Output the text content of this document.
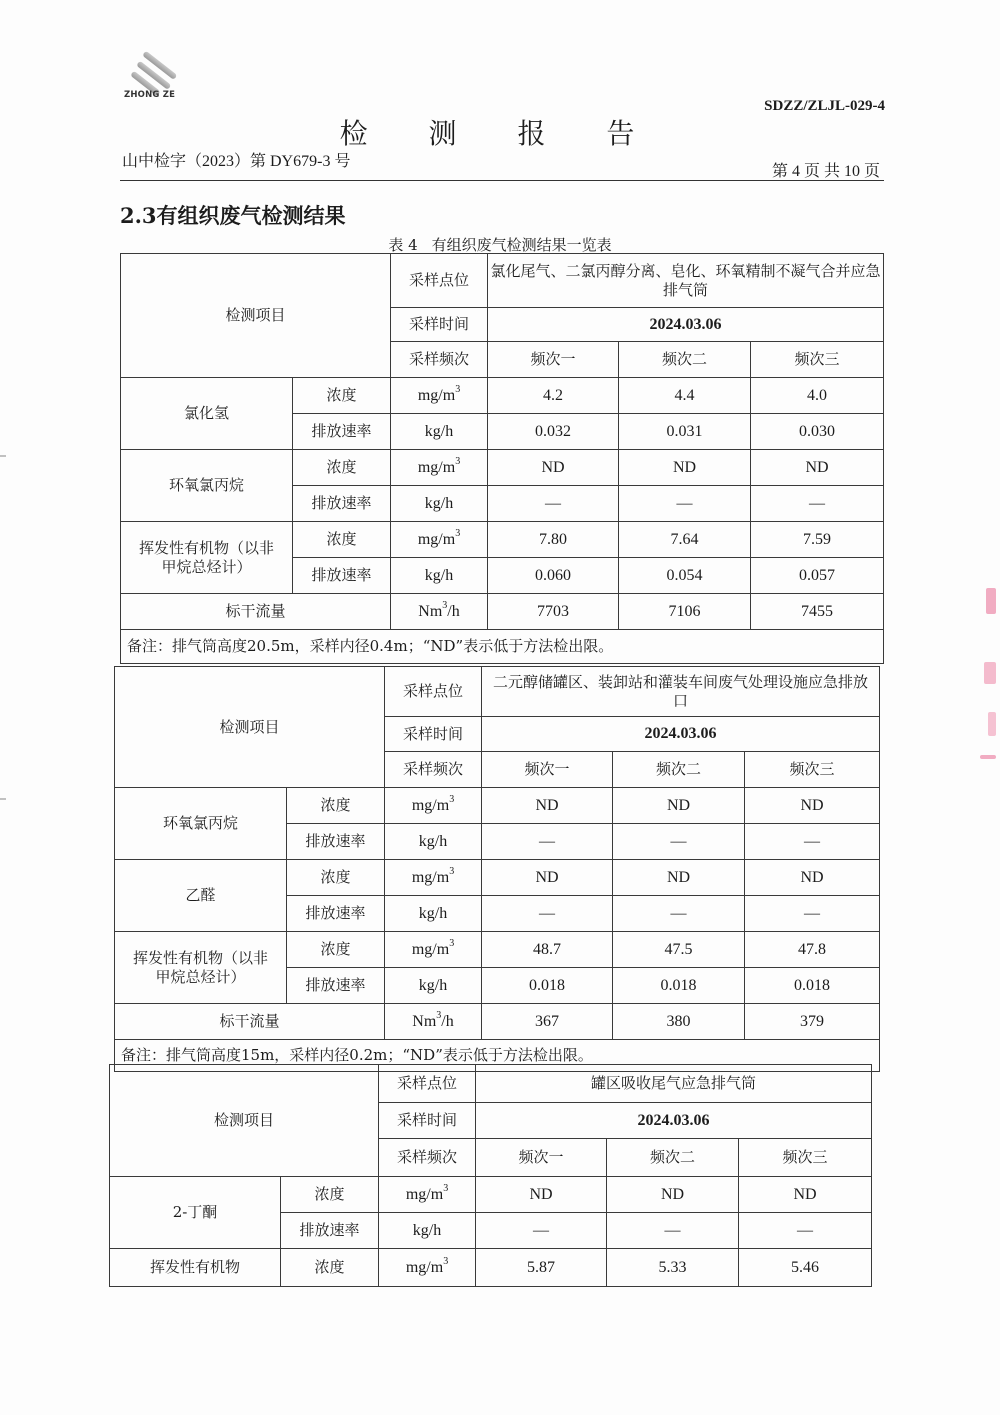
ZHONG ZE
SDZZ/ZLJL-029-4
检 测 报 告
山中检字（2023）第 DY679-3 号
第 4 页 共 10 页
2.3有组织废气检测结果
表 4 有组织废气检测结果一览表
检测项目		采样点位	氯化尾气、二氯丙醇分离、皂化、环氧精制不凝气合并应急排气筒		
		采样时间	2024.03.06		
		采样频次	频次一	频次二	频次三
氯化氢	浓度	$mg/m^3$	4.2	4.4	4.0
	排放速率	kg/h	0.032	0.031	0.030
环氧氯丙烷	浓度	$mg/m^3$	ND	ND	ND
	排放速率	kg/h	—	—	—
挥发性有机物（以非甲烷总烃计）	浓度	$mg/m^3$	7.80	7.64	7.59
	排放速率	kg/h	0.060	0.054	0.057
标干流量		Nm$^3$/h	7703	7106	7455
备注：排气筒高度20.5m，采样内径0.4m；“ND”表示低于方法检出限。					
检测项目		采样点位	二元醇储罐区、装卸站和灌装车间废气处理设施应急排放口		
		采样时间	2024.03.06		
		采样频次	频次一	频次二	频次三
环氧氯丙烷	浓度	$mg/m^3$	ND	ND	ND
	排放速率	kg/h	—	—	—
乙醛	浓度	$mg/m^3$	ND	ND	ND
	排放速率	kg/h	—	—	—
挥发性有机物（以非甲烷总烃计）	浓度	$mg/m^3$	48.7	47.5	47.8
	排放速率	kg/h	0.018	0.018	0.018
标干流量		Nm$^3$/h	367	380	379
备注：排气筒高度15m，采样内径0.2m；“ND”表示低于方法检出限。					
检测项目		采样点位	罐区吸收尾气应急排气筒		
		采样时间	2024.03.06		
		采样频次	频次一	频次二	频次三
2-丁酮	浓度	$mg/m^3$	ND	ND	ND
	排放速率	kg/h	—	—	—
挥发性有机物	浓度	$mg/m^3$	5.87	5.33	5.46
